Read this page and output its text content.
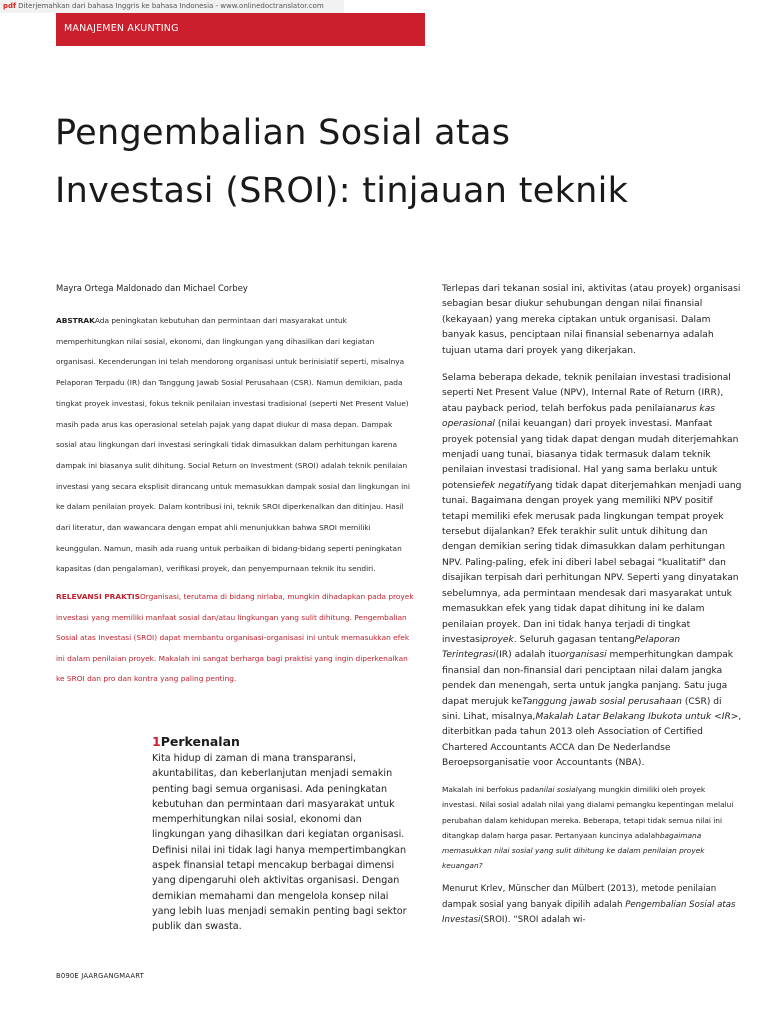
pdf Diterjemahkan dari bahasa Inggris ke bahasa Indonesia - www.onlinedoctranslator.com
MANAJEMEN AKUNTING
Pengembalian Sosial atas
Investasi (SROI): tinjauan teknik
Mayra Ortega Maldonado dan Michael Corbey

ABSTRAKAda peningkatan kebutuhan dan permintaan dari masyarakat untuk memperhitungkan nilai sosial, ekonomi, dan lingkungan yang dihasilkan dari kegiatan organisasi. Kecenderungan ini telah mendorong organisasi untuk berinisiatif seperti, misalnya Pelaporan Terpadu (IR) dan Tanggung Jawab Sosial Perusahaan (CSR). Namun demikian, pada tingkat proyek investasi, fokus teknik penilaian investasi tradisional (seperti Net Present Value) masih pada arus kas operasional setelah pajak yang dapat diukur di masa depan. Dampak sosial atau lingkungan dari investasi seringkali tidak dimasukkan dalam perhitungan karena dampak ini biasanya sulit dihitung. Social Return on Investment (SROI) adalah teknik penilaian investasi yang secara eksplisit dirancang untuk memasukkan dampak sosial dan lingkungan ini ke dalam penilaian proyek. Dalam kontribusi ini, teknik SROI diperkenalkan dan ditinjau. Hasil dari literatur, dan wawancara dengan empat ahli menunjukkan bahwa SROI memiliki keunggulan. Namun, masih ada ruang untuk perbaikan di bidang-bidang seperti peningkatan kapasitas (dan pengalaman), verifikasi proyek, dan penyempurnaan teknik itu sendiri.

RELEVANSI PRAKTISOrganisasi, terutama di bidang nirlaba, mungkin dihadapkan pada proyek investasi yang memiliki manfaat sosial dan/atau lingkungan yang sulit dihitung. Pengembalian Sosial atas Investasi (SROI) dapat membantu organisasi-organisasi ini untuk memasukkan efek ini dalam penilaian proyek. Makalah ini sangat berharga bagi praktisi yang ingin diperkenalkan ke SROI dan pro dan kontra yang paling penting.

1Perkenalan

Kita hidup di zaman di mana transparansi, akuntabilitas, dan keberlanjutan menjadi semakin penting bagi semua organisasi. Ada peningkatan kebutuhan dan permintaan dari masyarakat untuk memperhitungkan nilai sosial, ekonomi dan lingkungan yang dihasilkan dari kegiatan organisasi. Definisi nilai ini tidak lagi hanya mempertimbangkan aspek finansial tetapi mencakup berbagai dimensi yang dipengaruhi oleh aktivitas organisasi. Dengan demikian memahami dan mengelola konsep nilai yang lebih luas menjadi semakin penting bagi sektor publik dan swasta.

Terlepas dari tekanan sosial ini, aktivitas (atau proyek) organisasi sebagian besar diukur sehubungan dengan nilai finansial (kekayaan) yang mereka ciptakan untuk organisasi. Dalam banyak kasus, penciptaan nilai finansial sebenarnya adalah tujuan utama dari proyek yang dikerjakan.

Selama beberapa dekade, teknik penilaian investasi tradisional seperti Net Present Value (NPV), Internal Rate of Return (IRR), atau payback period, telah berfokus pada penilaianarus kas operasional (nilai keuangan) dari proyek investasi. Manfaat proyek potensial yang tidak dapat dengan mudah diterjemahkan menjadi uang tunai, biasanya tidak termasuk dalam teknik penilaian investasi tradisional. Hal yang sama berlaku untuk potensiefek negatifyang tidak dapat diterjemahkan menjadi uang tunai. Bagaimana dengan proyek yang memiliki NPV positif tetapi memiliki efek merusak pada lingkungan tempat proyek tersebut dijalankan? Efek terakhir sulit untuk dihitung dan dengan demikian sering tidak dimasukkan dalam perhitungan NPV. Paling-paling, efek ini diberi label sebagai "kualitatif" dan disajikan terpisah dari perhitungan NPV. Seperti yang dinyatakan sebelumnya, ada permintaan mendesak dari masyarakat untuk memasukkan efek yang tidak dapat dihitung ini ke dalam penilaian proyek. Dan ini tidak hanya terjadi di tingkat investasiproyek. Seluruh gagasan tentangPelaporan Terintegrasi(IR) adalah ituorganisasi memperhitungkan dampak finansial dan non-finansial dari penciptaan nilai dalam jangka pendek dan menengah, serta untuk jangka panjang. Satu juga dapat merujuk keTanggung jawab sosial perusahaan (CSR) di sini. Lihat, misalnya,Makalah Latar Belakang Ibukota untuk <IR>, diterbitkan pada tahun 2013 oleh Association of Certified Chartered Accountants ACCA dan De Nederlandse Beroepsorganisatie voor Accountants (NBA).

Makalah ini berfokus padanilai sosialyang mungkin dimiliki oleh proyek investasi. Nilai sosial adalah nilai yang dialami pemangku kepentingan melalui perubahan dalam kehidupan mereka. Beberapa, tetapi tidak semua nilai ini ditangkap dalam harga pasar. Pertanyaan kuncinya adalahbagaimana memasukkan nilai sosial yang sulit dihitung ke dalam penilaian proyek keuangan?

Menurut Krlev, Münscher dan Mülbert (2013), metode penilaian dampak sosial yang banyak dipilih adalah Pengembalian Sosial atas Investasi(SROI). “SROI adalah wi-

B090E JAARGANGMAART
